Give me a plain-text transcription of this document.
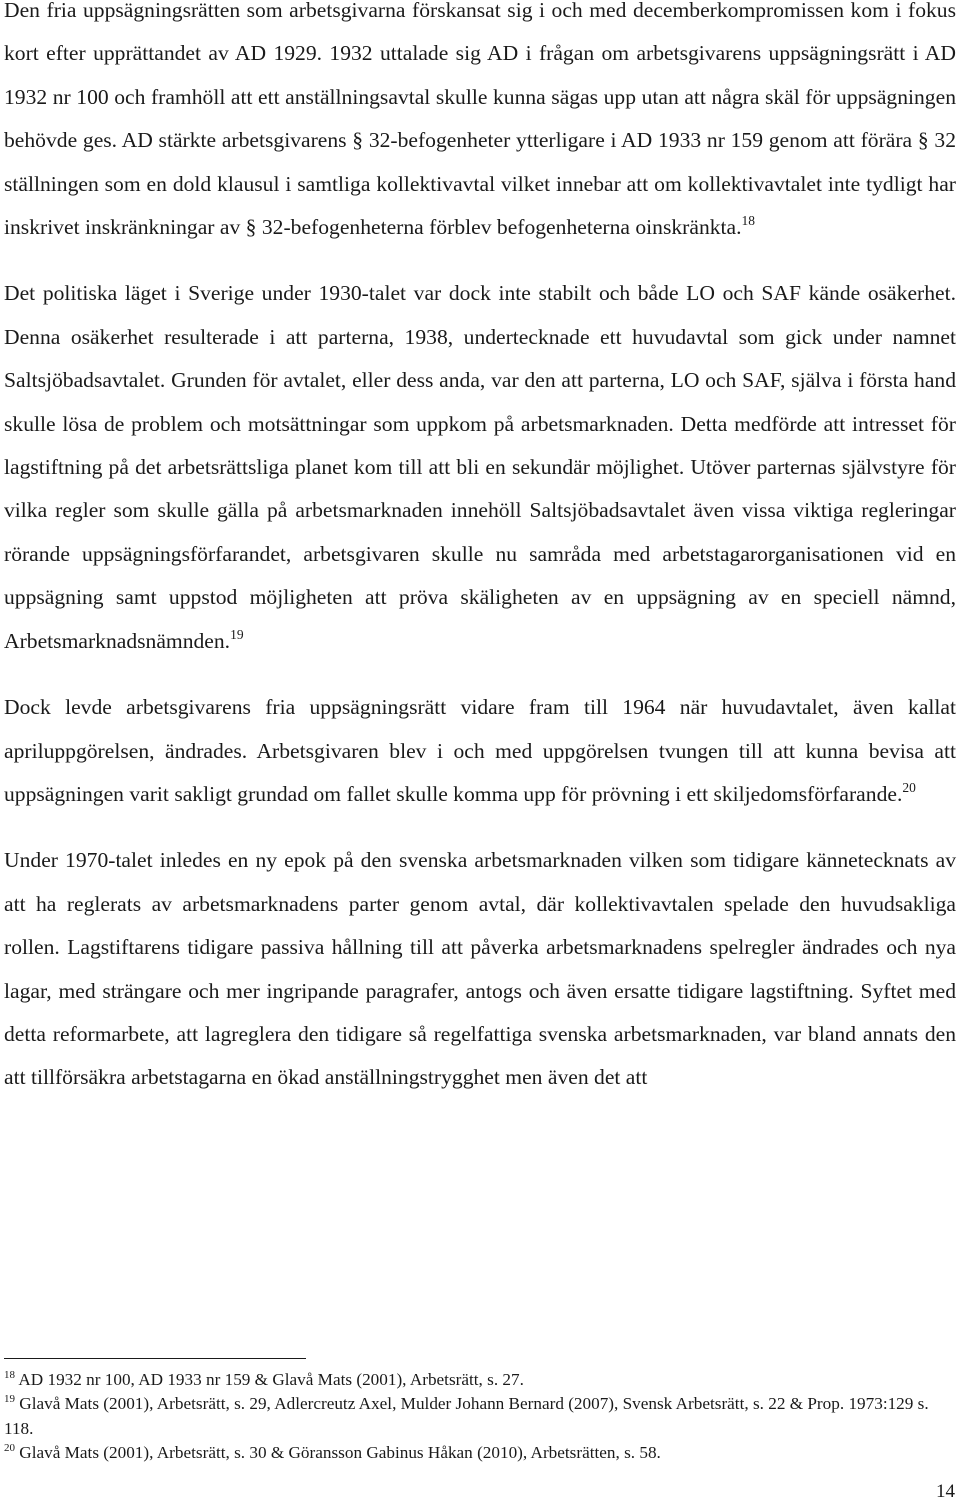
Den fria uppsägningsrätten som arbetsgivarna förskansat sig i och med decemberkompromissen kom i fokus kort efter upprättandet av AD 1929. 1932 uttalade sig AD i frågan om arbetsgivarens uppsägningsrätt i AD 1932 nr 100 och framhöll att ett anställningsavtal skulle kunna sägas upp utan att några skäl för uppsägningen behövde ges. AD stärkte arbetsgivarens § 32-befogenheter ytterligare i AD 1933 nr 159 genom att förära § 32 ställningen som en dold klausul i samtliga kollektivavtal vilket innebar att om kollektivavtalet inte tydligt har inskrivet inskränkningar av § 32-befogenheterna förblev befogenheterna oinskränkta.$^{18}$

Det politiska läget i Sverige under 1930-talet var dock inte stabilt och både LO och SAF kände osäkerhet. Denna osäkerhet resulterade i att parterna, 1938, undertecknade ett huvudavtal som gick under namnet Saltsjöbadsavtalet. Grunden för avtalet, eller dess anda, var den att parterna, LO och SAF, själva i första hand skulle lösa de problem och motsättningar som uppkom på arbetsmarknaden. Detta medförde att intresset för lagstiftning på det arbetsrättsliga planet kom till att bli en sekundär möjlighet. Utöver parternas självstyre för vilka regler som skulle gälla på arbetsmarknaden innehöll Saltsjöbadsavtalet även vissa viktiga regleringar rörande uppsägningsförfarandet, arbetsgivaren skulle nu samråda med arbetstagarorganisationen vid en uppsägning samt uppstod möjligheten att pröva skäligheten av en uppsägning av en speciell nämnd, Arbetsmarknadsnämnden.$^{19}$

Dock levde arbetsgivarens fria uppsägningsrätt vidare fram till 1964 när huvudavtalet, även kallat apriluppgörelsen, ändrades. Arbetsgivaren blev i och med uppgörelsen tvungen till att kunna bevisa att uppsägningen varit sakligt grundad om fallet skulle komma upp för prövning i ett skiljedomsförfarande.$^{20}$

Under 1970-talet inledes en ny epok på den svenska arbetsmarknaden vilken som tidigare kännetecknats av att ha reglerats av arbetsmarknadens parter genom avtal, där kollektivavtalen spelade den huvudsakliga rollen. Lagstiftarens tidigare passiva hållning till att påverka arbetsmarknadens spelregler ändrades och nya lagar, med strängare och mer ingripande paragrafer, antogs och även ersatte tidigare lagstiftning. Syftet med detta reformarbete, att lagreglera den tidigare så regelfattiga svenska arbetsmarknaden, var bland annats den att tillförsäkra arbetstagarna en ökad anställningstrygghet men även det att

$^{18}$ AD 1932 nr 100, AD 1933 nr 159 & Glavå Mats (2001), Arbetsrätt, s. 27.

$^{19}$ Glavå Mats (2001), Arbetsrätt, s. 29, Adlercreutz Axel, Mulder Johann Bernard (2007), Svensk Arbetsrätt, s. 22 & Prop. 1973:129 s. 118.

$^{20}$ Glavå Mats (2001), Arbetsrätt, s. 30 & Göransson Gabinus Håkan (2010), Arbetsrätten, s. 58.

14
